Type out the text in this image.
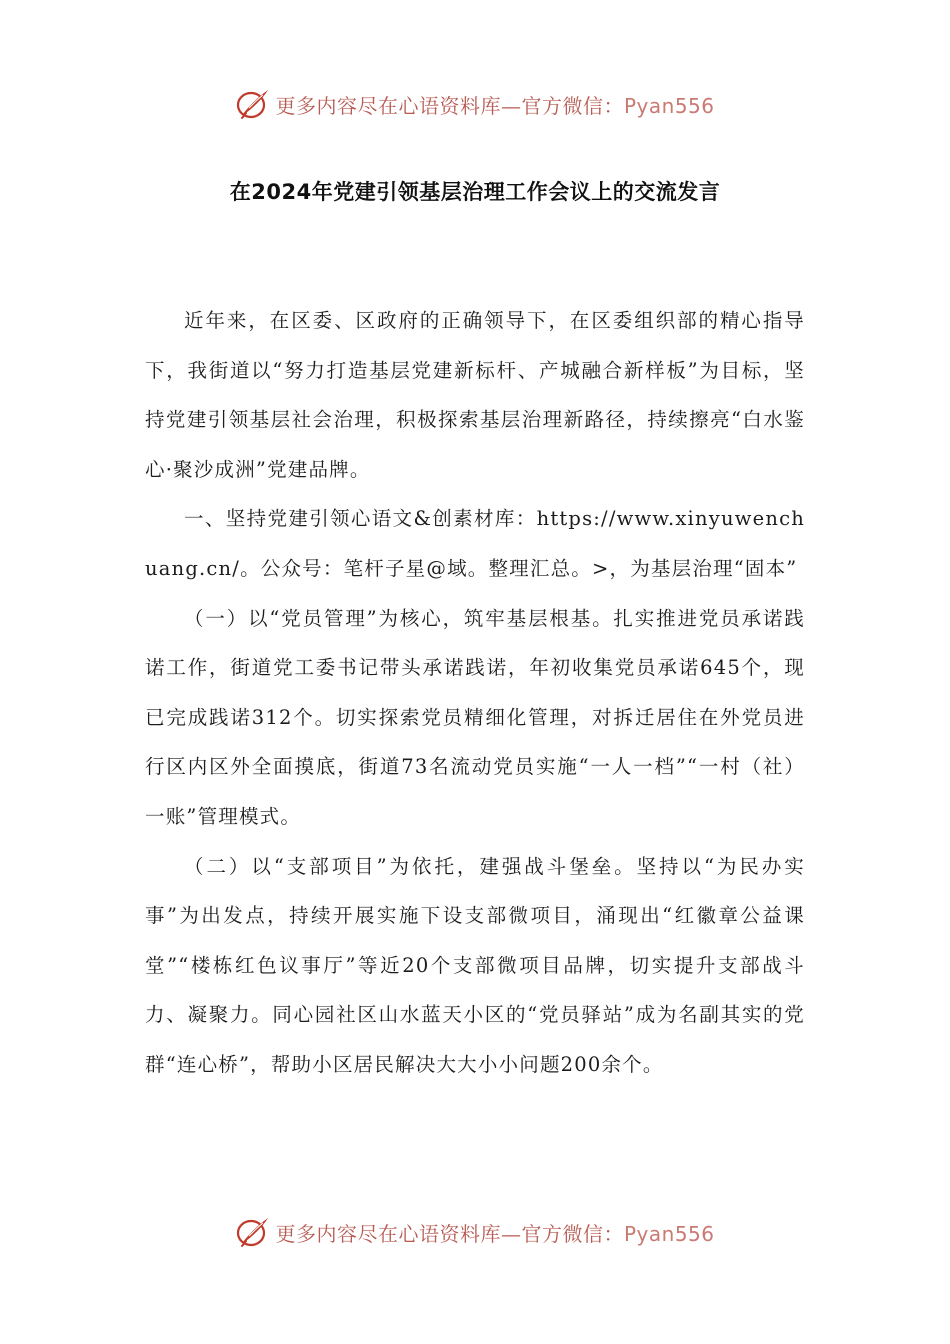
更多内容尽在心语资料库—官方微信：Pyan556
在2024年党建引领基层治理工作会议上的交流发言

近年来，在区委、区政府的正确领导下，在区委组织部的精心指导下，我街道以“努力打造基层党建新标杆、产城融合新样板”为目标，坚持党建引领基层社会治理，积极探索基层治理新路径，持续擦亮“白水鉴心·聚沙成洲”党建品牌。

一、坚持党建引领心语文&创素材库：https://www.xinyuwenchuang.cn/。公众号：笔杆子星@域。整理汇总。>，为基层治理“固本”

（一）以“党员管理”为核心，筑牢基层根基。扎实推进党员承诺践诺工作，街道党工委书记带头承诺践诺，年初收集党员承诺645个，现已完成践诺312个。切实探索党员精细化管理，对拆迁居住在外党员进行区内区外全面摸底，街道73名流动党员实施“一人一档”“一村（社）一账”管理模式。

（二）以“支部项目”为依托，建强战斗堡垒。坚持以“为民办实事”为出发点，持续开展实施下设支部微项目，涌现出“红徽章公益课堂”“楼栋红色议事厅”等近20个支部微项目品牌，切实提升支部战斗力、凝聚力。同心园社区山水蓝天小区的“党员驿站”成为名副其实的党群“连心桥”，帮助小区居民解决大大小小问题200余个。

更多内容尽在心语资料库—官方微信：Pyan556
